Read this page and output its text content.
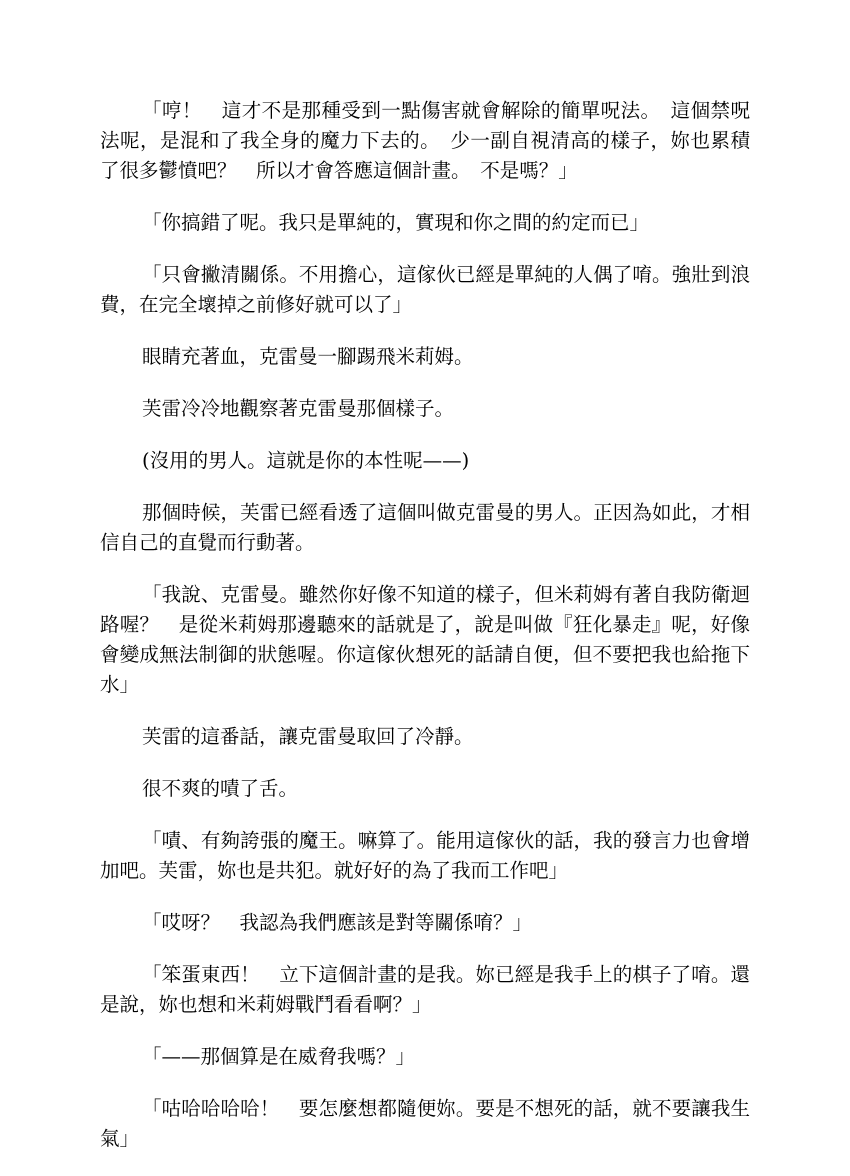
「哼！　這才不是那種受到一點傷害就會解除的簡單呪法。　這個禁呪法呢，是混和了我全身的魔力下去的。　少一副自視清高的樣子，妳也累積了很多鬱憤吧？　所以才會答應這個計畫。　不是嗎？」

「你搞錯了呢。我只是單純的，實現和你之間的約定而已」

「只會撇清關係。不用擔心，這傢伙已經是單純的人偶了唷。強壯到浪費，在完全壞掉之前修好就可以了」

眼睛充著血，克雷曼一腳踢飛米莉姆。

芙雷冷冷地觀察著克雷曼那個樣子。

(沒用的男人。這就是你的本性呢——)

那個時候，芙雷已經看透了這個叫做克雷曼的男人。正因為如此，才相信自己的直覺而行動著。

「我說、克雷曼。雖然你好像不知道的樣子，但米莉姆有著自我防衛迴路喔？　是從米莉姆那邊聽來的話就是了，說是叫做『狂化暴走』呢，好像會變成無法制御的狀態喔。你這傢伙想死的話請自便，但不要把我也給拖下水」

芙雷的這番話，讓克雷曼取回了冷靜。

很不爽的嘖了舌。

「嘖、有夠誇張的魔王。嘛算了。能用這傢伙的話，我的發言力也會增加吧。芙雷，妳也是共犯。就好好的為了我而工作吧」

「哎呀？　我認為我們應該是對等關係唷？」

「笨蛋東西！　立下這個計畫的是我。妳已經是我手上的棋子了唷。還是說，妳也想和米莉姆戰鬥看看啊？」

「——那個算是在威脅我嗎？」

「咕哈哈哈哈！　要怎麼想都隨便妳。要是不想死的話，就不要讓我生氣」
